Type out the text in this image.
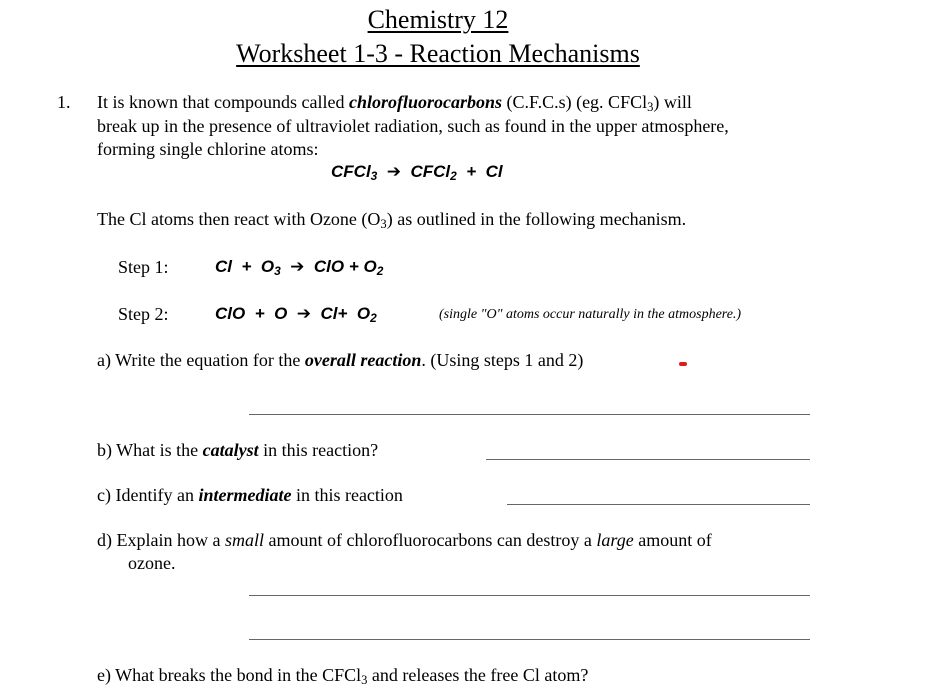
Chemistry 12
Worksheet 1-3 - Reaction Mechanisms
1. It is known that compounds called chlorofluorocarbons (C.F.C.s) (eg. CFCl$_3$) will
break up in the presence of ultraviolet radiation, such as found in the upper atmosphere,
forming single chlorine atoms:
CFCl$_3$ ➔ CFCl$_2$ + Cl
The Cl atoms then react with Ozone $(O_3)$ as outlined in the following mechanism.
Step 1:	$Cl + O_3$ ➔ ClO + $O_2$
Step 2:	ClO + O ➔ $Cl+ O_2$	(single "O" atoms occur naturally in the atmosphere.)
a) Write the equation for the overall reaction. (Using steps 1 and 2)
b) What is the catalyst in this reaction?
c) Identify an intermediate in this reaction
d) Explain how a small amount of chlorofluorocarbons can destroy a large amount of
ozone.
e) What breaks the bond in the CFCl$_3$ and releases the free Cl atom?
